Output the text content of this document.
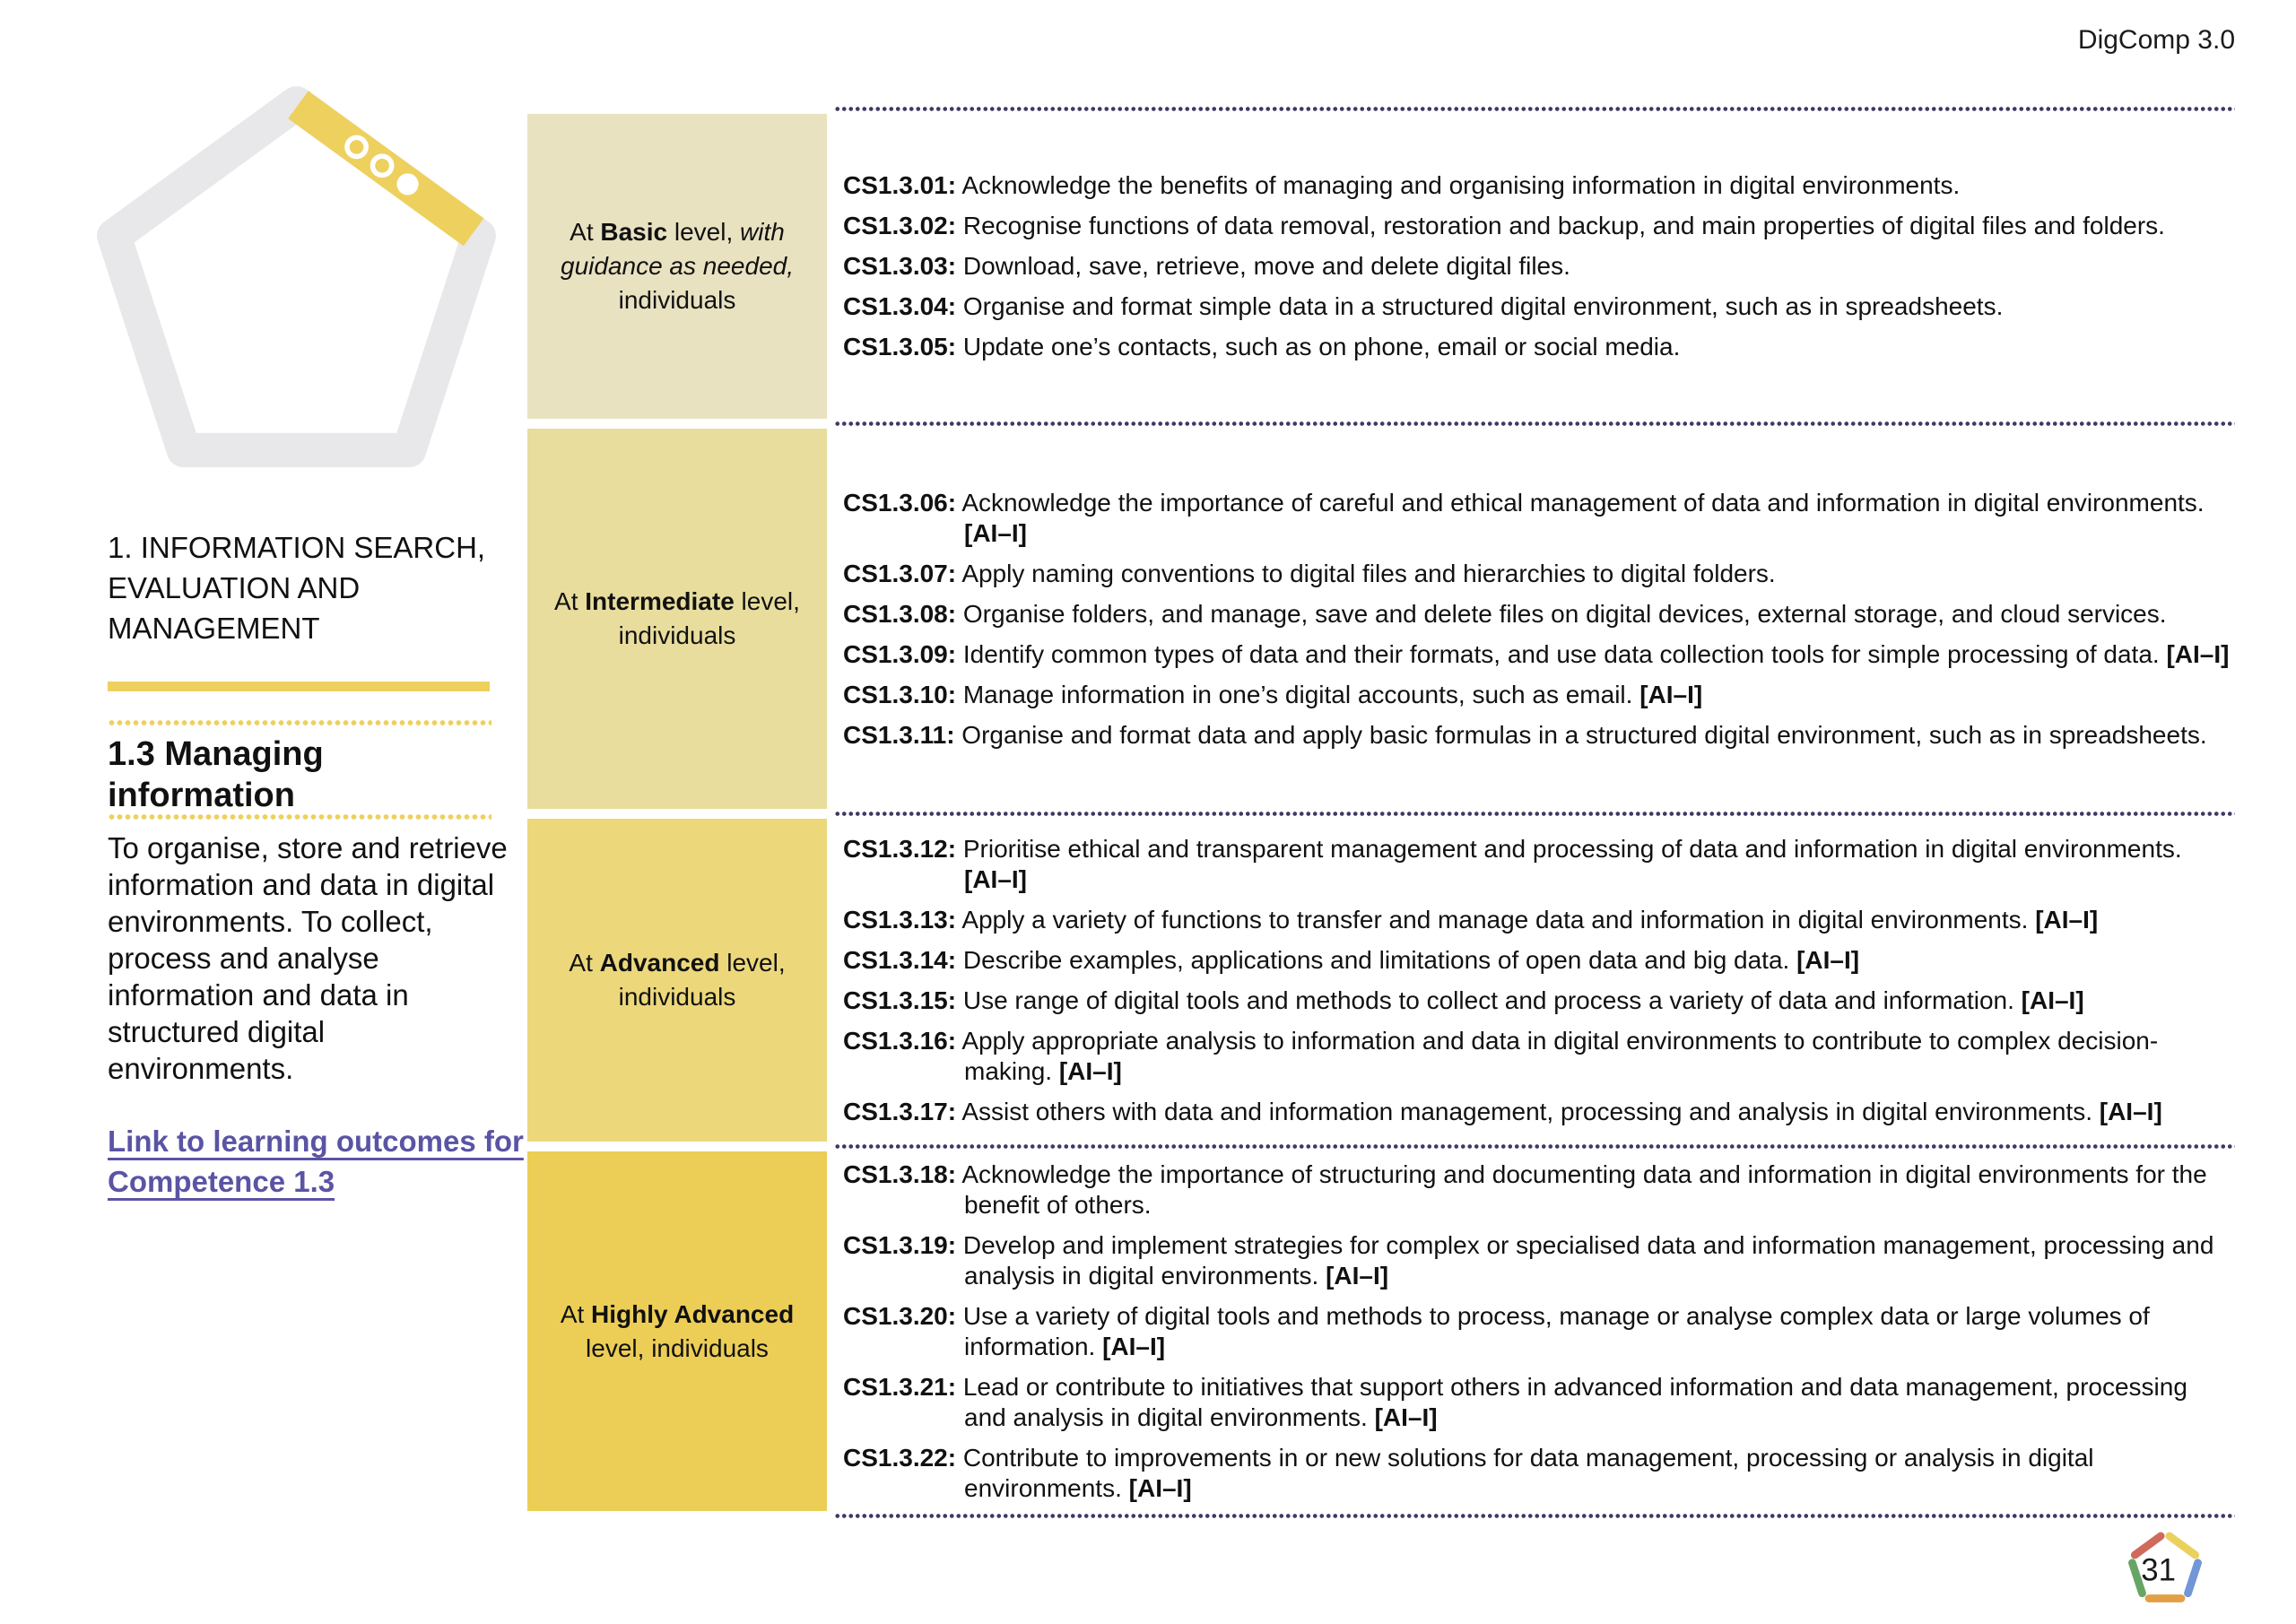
DigComp 3.0
1. INFORMATION SEARCH, EVALUATION AND MANAGEMENT
1.3 Managing information
To organise, store and retrieve information and data in digital environments. To collect, process and analyse information and data in structured digital environments.
Link to learning outcomes for Competence 1.3

At Basic level, with guidance as needed, individuals

CS1.3.01: Acknowledge the benefits of managing and organising information in digital environments.
CS1.3.02: Recognise functions of data removal, restoration and backup, and main properties of digital files and folders.
CS1.3.03: Download, save, retrieve, move and delete digital files.
CS1.3.04: Organise and format simple data in a structured digital environment, such as in spreadsheets.
CS1.3.05: Update one’s contacts, such as on phone, email or social media.

At Intermediate level, individuals

CS1.3.06: Acknowledge the importance of careful and ethical management of data and information in digital environments. [AI–I]
CS1.3.07: Apply naming conventions to digital files and hierarchies to digital folders.
CS1.3.08: Organise folders, and manage, save and delete files on digital devices, external storage, and cloud services.
CS1.3.09: Identify common types of data and their formats, and use data collection tools for simple processing of data. [AI–I]
CS1.3.10: Manage information in one’s digital accounts, such as email. [AI–I]
CS1.3.11: Organise and format data and apply basic formulas in a structured digital environment, such as in spreadsheets.

At Advanced level, individuals

CS1.3.12: Prioritise ethical and transparent management and processing of data and information in digital environments. [AI–I]
CS1.3.13: Apply a variety of functions to transfer and manage data and information in digital environments. [AI–I]
CS1.3.14: Describe examples, applications and limitations of open data and big data. [AI–I]
CS1.3.15: Use range of digital tools and methods to collect and process a variety of data and information. [AI–I]
CS1.3.16: Apply appropriate analysis to information and data in digital environments to contribute to complex decision-making. [AI–I]
CS1.3.17: Assist others with data and information management, processing and analysis in digital environments. [AI–I]

At Highly Advanced level, individuals

CS1.3.18: Acknowledge the importance of structuring and documenting data and information in digital environments for the benefit of others.
CS1.3.19: Develop and implement strategies for complex or specialised data and information management, processing and analysis in digital environments. [AI–I]
CS1.3.20: Use a variety of digital tools and methods to process, manage or analyse complex data or large volumes of information. [AI–I]
CS1.3.21: Lead or contribute to initiatives that support others in advanced information and data management, processing and analysis in digital environments. [AI–I]
CS1.3.22: Contribute to improvements in or new solutions for data management, processing or analysis in digital environments. [AI–I]
31
